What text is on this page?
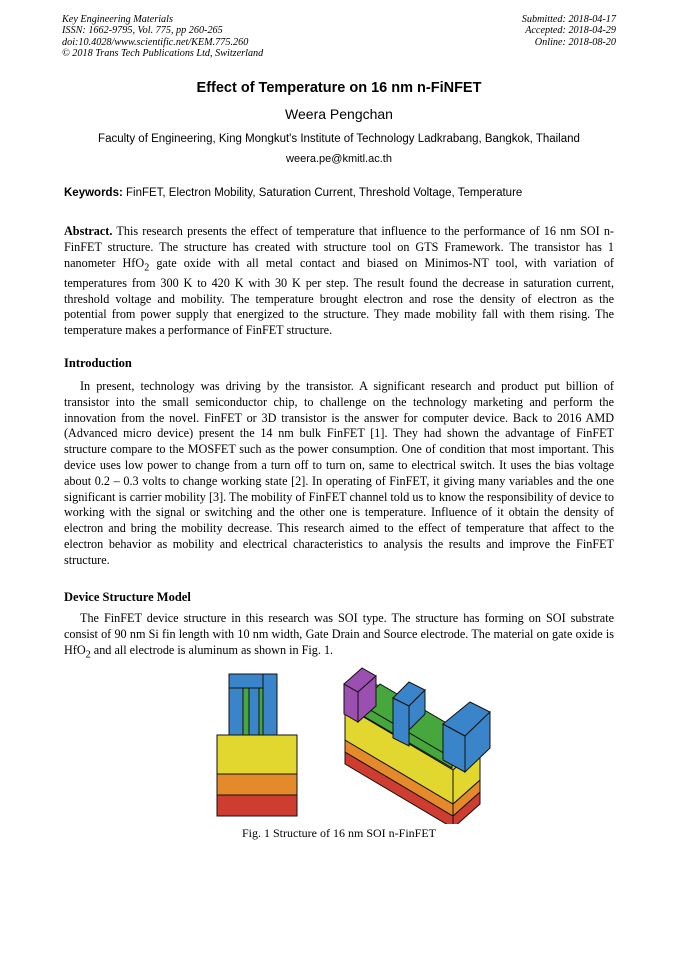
Key Engineering Materials
ISSN: 1662-9795, Vol. 775, pp 260-265
doi:10.4028/www.scientific.net/KEM.775.260
© 2018 Trans Tech Publications Ltd, Switzerland
Submitted: 2018-04-17
Accepted: 2018-04-29
Online: 2018-08-20
Effect of Temperature on 16 nm n-FiNFET
Weera Pengchan
Faculty of Engineering, King Mongkut's Institute of Technology Ladkrabang, Bangkok, Thailand
weera.pe@kmitl.ac.th
Keywords: FinFET, Electron Mobility, Saturation Current, Threshold Voltage, Temperature
Abstract. This research presents the effect of temperature that influence to the performance of 16 nm SOI n-FinFET structure. The structure has created with structure tool on GTS Framework. The transistor has 1 nanometer HfO$_2$ gate oxide with all metal contact and biased on Minimos-NT tool, with variation of temperatures from 300 K to 420 K with 30 K per step. The result found the decrease in saturation current, threshold voltage and mobility. The temperature brought electron and rose the density of electron as the potential from power supply that energized to the structure. They made mobility fall with them rising. The temperature makes a performance of FinFET structure.
Introduction
In present, technology was driving by the transistor. A significant research and product put billion of transistor into the small semiconductor chip, to challenge on the technology marketing and perform the innovation from the novel. FinFET or 3D transistor is the answer for computer device. Back to 2016 AMD (Advanced micro device) present the 14 nm bulk FinFET [1]. They had shown the advantage of FinFET structure compare to the MOSFET such as the power consumption. One of condition that most important. This device uses low power to change from a turn off to turn on, same to electrical switch. It uses the bias voltage about 0.2 – 0.3 volts to change working state [2]. In operating of FinFET, it giving many variables and the one significant is carrier mobility [3]. The mobility of FinFET channel told us to know the responsibility of device to working with the signal or switching and the other one is temperature. Influence of it obtain the density of electron and bring the mobility decrease. This research aimed to the effect of temperature that affect to the electron behavior as mobility and electrical characteristics to analysis the results and improve the FinFET structure.
Device Structure Model
The FinFET device structure in this research was SOI type. The structure has forming on SOI substrate consist of 90 nm Si fin length with 10 nm width, Gate Drain and Source electrode. The material on gate oxide is HfO$_2$ and all electrode is aluminum as shown in Fig. 1.
Fig. 1 Structure of 16 nm SOI n-FinFET
